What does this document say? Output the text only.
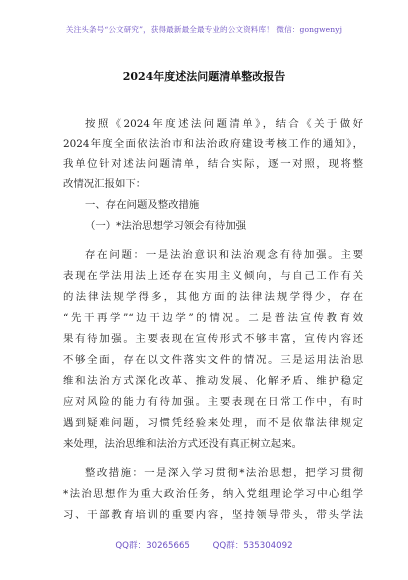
关注头条号“公文研究”，获得最新最全最专业的公文资料库！ 微信：gongwenyj
2024年度述法问题清单整改报告
按照《2024年度述法问题清单》，结合《关于做好
2024年度全面依法治市和法治政府建设考核工作的通知》，
我单位针对述法问题清单，结合实际，逐一对照，现将整
改情况汇报如下：
一、存在问题及整改措施
（一）*法治思想学习领会有待加强
存在问题：一是法治意识和法治观念有待加强。主要
表现在学法用法上还存在实用主义倾向，与自己工作有关
的法律法规学得多，其他方面的法律法规学得少，存在
“先干再学”“边干边学”的情况。二是普法宣传教育效
果有待加强。主要表现在宣传形式不够丰富，宣传内容还
不够全面，存在以文件落实文件的情况。三是运用法治思
维和法治方式深化改革、推动发展、化解矛盾、维护稳定
应对风险的能力有待加强。主要表现在日常工作中，有时
遇到疑难问题，习惯凭经验来处理，而不是依靠法律规定
来处理，法治思维和法治方式还没有真正树立起来。
整改措施：一是深入学习贯彻*法治思想，把学习贯彻
*法治思想作为重大政治任务，纳入党组理论学习中心组学
习、干部教育培训的重要内容，坚持领导带头，带头学法
QQ群：30265665	QQ群：535304092
